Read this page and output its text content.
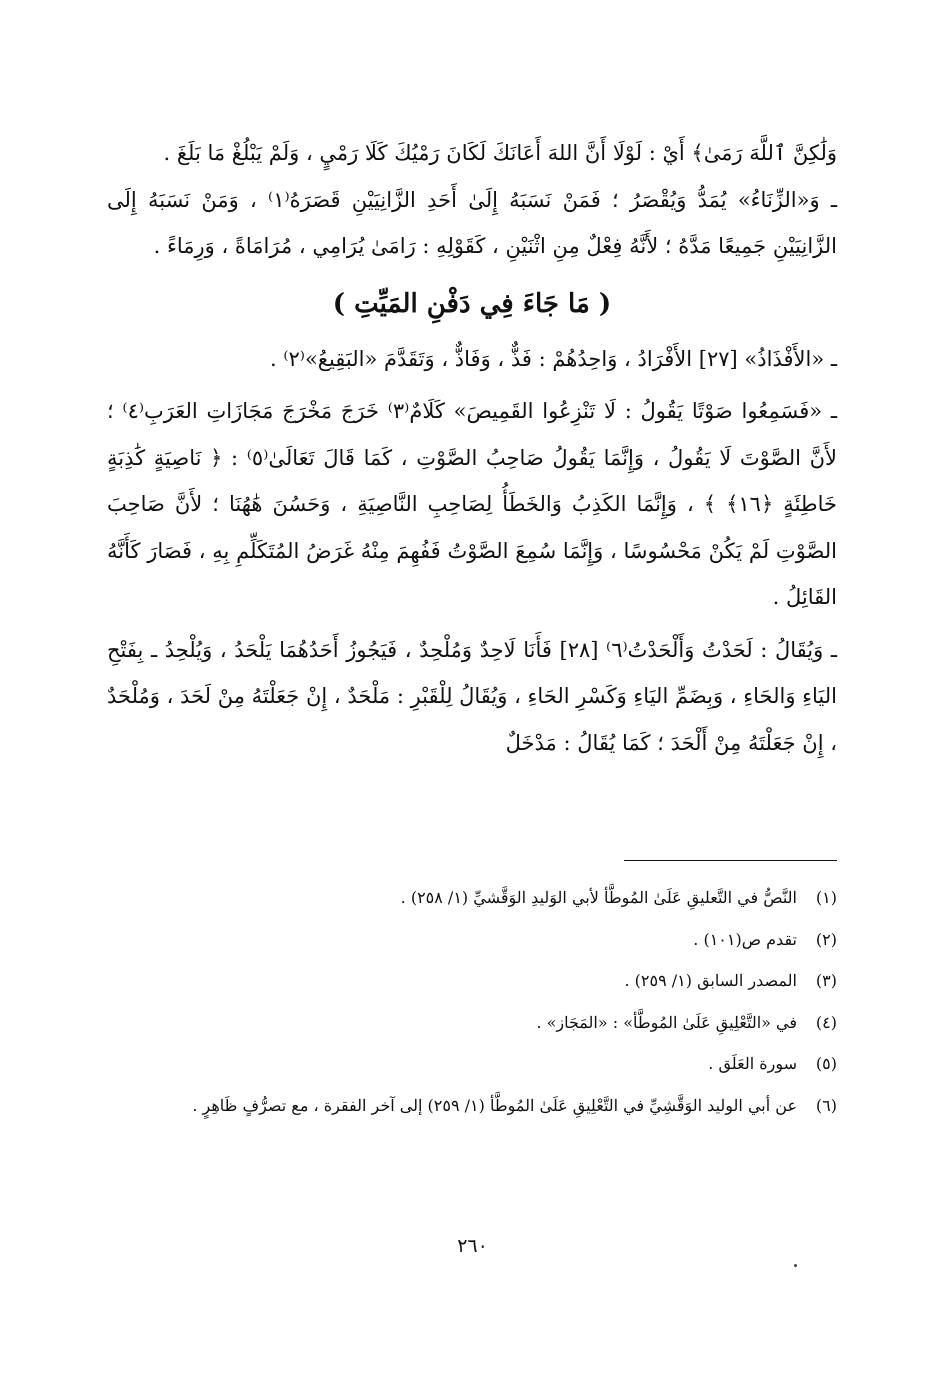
وَلَٰكِنَّ ٱللَّهَ رَمَىٰ﴾ أَيْ : لَوْلَا أَنَّ اللهَ أَعَانَكَ لَكَانَ رَمْيُكَ كَلَا رَمْيٍ ، وَلَمْ يَبْلُغْ مَا بَلَغَ .

ـ وَ«الزِّنَاءُ» يُمَدُّ وَيُقْصَرُ ؛ فَمَنْ نَسَبَهُ إِلَىٰ أَحَدِ الزَّانِيَيْنِ قَصَرَهُ⁽١⁾ ، وَمَنْ نَسَبَهُ إِلَى الزَّانِيَيْنِ جَمِيعًا مَدَّهُ ؛ لأَنَّهُ فِعْلٌ مِنِ اثْنَيْنِ ، كَقَوْلِهِ : رَامَىٰ يُرَامِي ، مُرَامَاةً ، وَرِمَاءً .

( مَا جَاءَ فِي دَفْنِ المَيِّتِ )

ـ «الأَفْذَاذُ» [٢٧] الأَفْرَادُ ، وَاحِدُهُمْ : فَذٌّ ، وَفَاذٌّ ، وَتَقَدَّمَ «البَقِيعُ»⁽٢⁾ .

ـ «فَسَمِعُوا صَوْتًا يَقُولُ : لَا تَنْزِعُوا القَمِيصَ» كَلَامٌ⁽٣⁾ خَرَجَ مَخْرَجَ مَجَازَاتِ العَرَبِ⁽٤⁾ ؛ لأَنَّ الصَّوْتَ لَا يَقُولُ ، وَإِنَّمَا يَقُولُ صَاحِبُ الصَّوْتِ ، كَمَا قَالَ تَعَالَىٰ⁽٥⁾ : ﴿ نَاصِيَةٍ كَٰذِبَةٍ خَاطِئَةٍ ﴿١٦﴾ ﴾ ، وَإِنَّمَا الكَذِبُ وَالخَطَأُ لِصَاحِبِ النَّاصِيَةِ ، وَحَسُنَ هَٰهُنَا ؛ لأَنَّ صَاحِبَ الصَّوْتِ لَمْ يَكُنْ مَحْسُوسًا ، وَإِنَّمَا سُمِعَ الصَّوْتُ فَفُهِمَ مِنْهُ غَرَضُ المُتَكَلِّمِ بِهِ ، فَصَارَ كَأَنَّهُ القَائِلُ .

ـ وَيُقَالُ : لَحَدْتُ وَأَلْحَدْتُ⁽٦⁾ [٢٨] فَأَنَا لَاحِدٌ وَمُلْحِدٌ ، فَيَجُوزُ أَحَدُهُمَا يَلْحَدُ ، وَيُلْحِدُ ـ بِفَتْحِ اليَاءِ وَالحَاءِ ، وَبِضَمِّ اليَاءِ وَكَسْرِ الحَاءِ ، وَيُقَالُ لِلْقَبْرِ : مَلْحَدٌ ، إِنْ جَعَلْتَهُ مِنْ لَحَدَ ، وَمُلْحَدٌ ، إِنْ جَعَلْتَهُ مِنْ أَلْحَدَ ؛ كَمَا يُقَالُ : مَدْخَلٌ

(١)
النَّصُّ في التَّعليقِ عَلَىٰ المُوطَّأ لأبي الوَليدِ الوَقَّشيِّ (١/ ٢٥٨) .
(٢)
تقدم ص(١٠١) .
(٣)
المصدر السابق (١/ ٢٥٩) .
(٤)
في «التَّعْلِيقِ عَلَىٰ المُوطَّأ» : «المَجَاز» .
(٥)
سورة العَلَق .
(٦)
عن أبي الوليد الوَقَّشِيِّ في التَّعْلِيقِ عَلَىٰ المُوطَّأ (١/ ٢٥٩) إلى آخر الفقرة ، مع تصرُّفٍ ظَاهِرٍ .
٢٦٠
